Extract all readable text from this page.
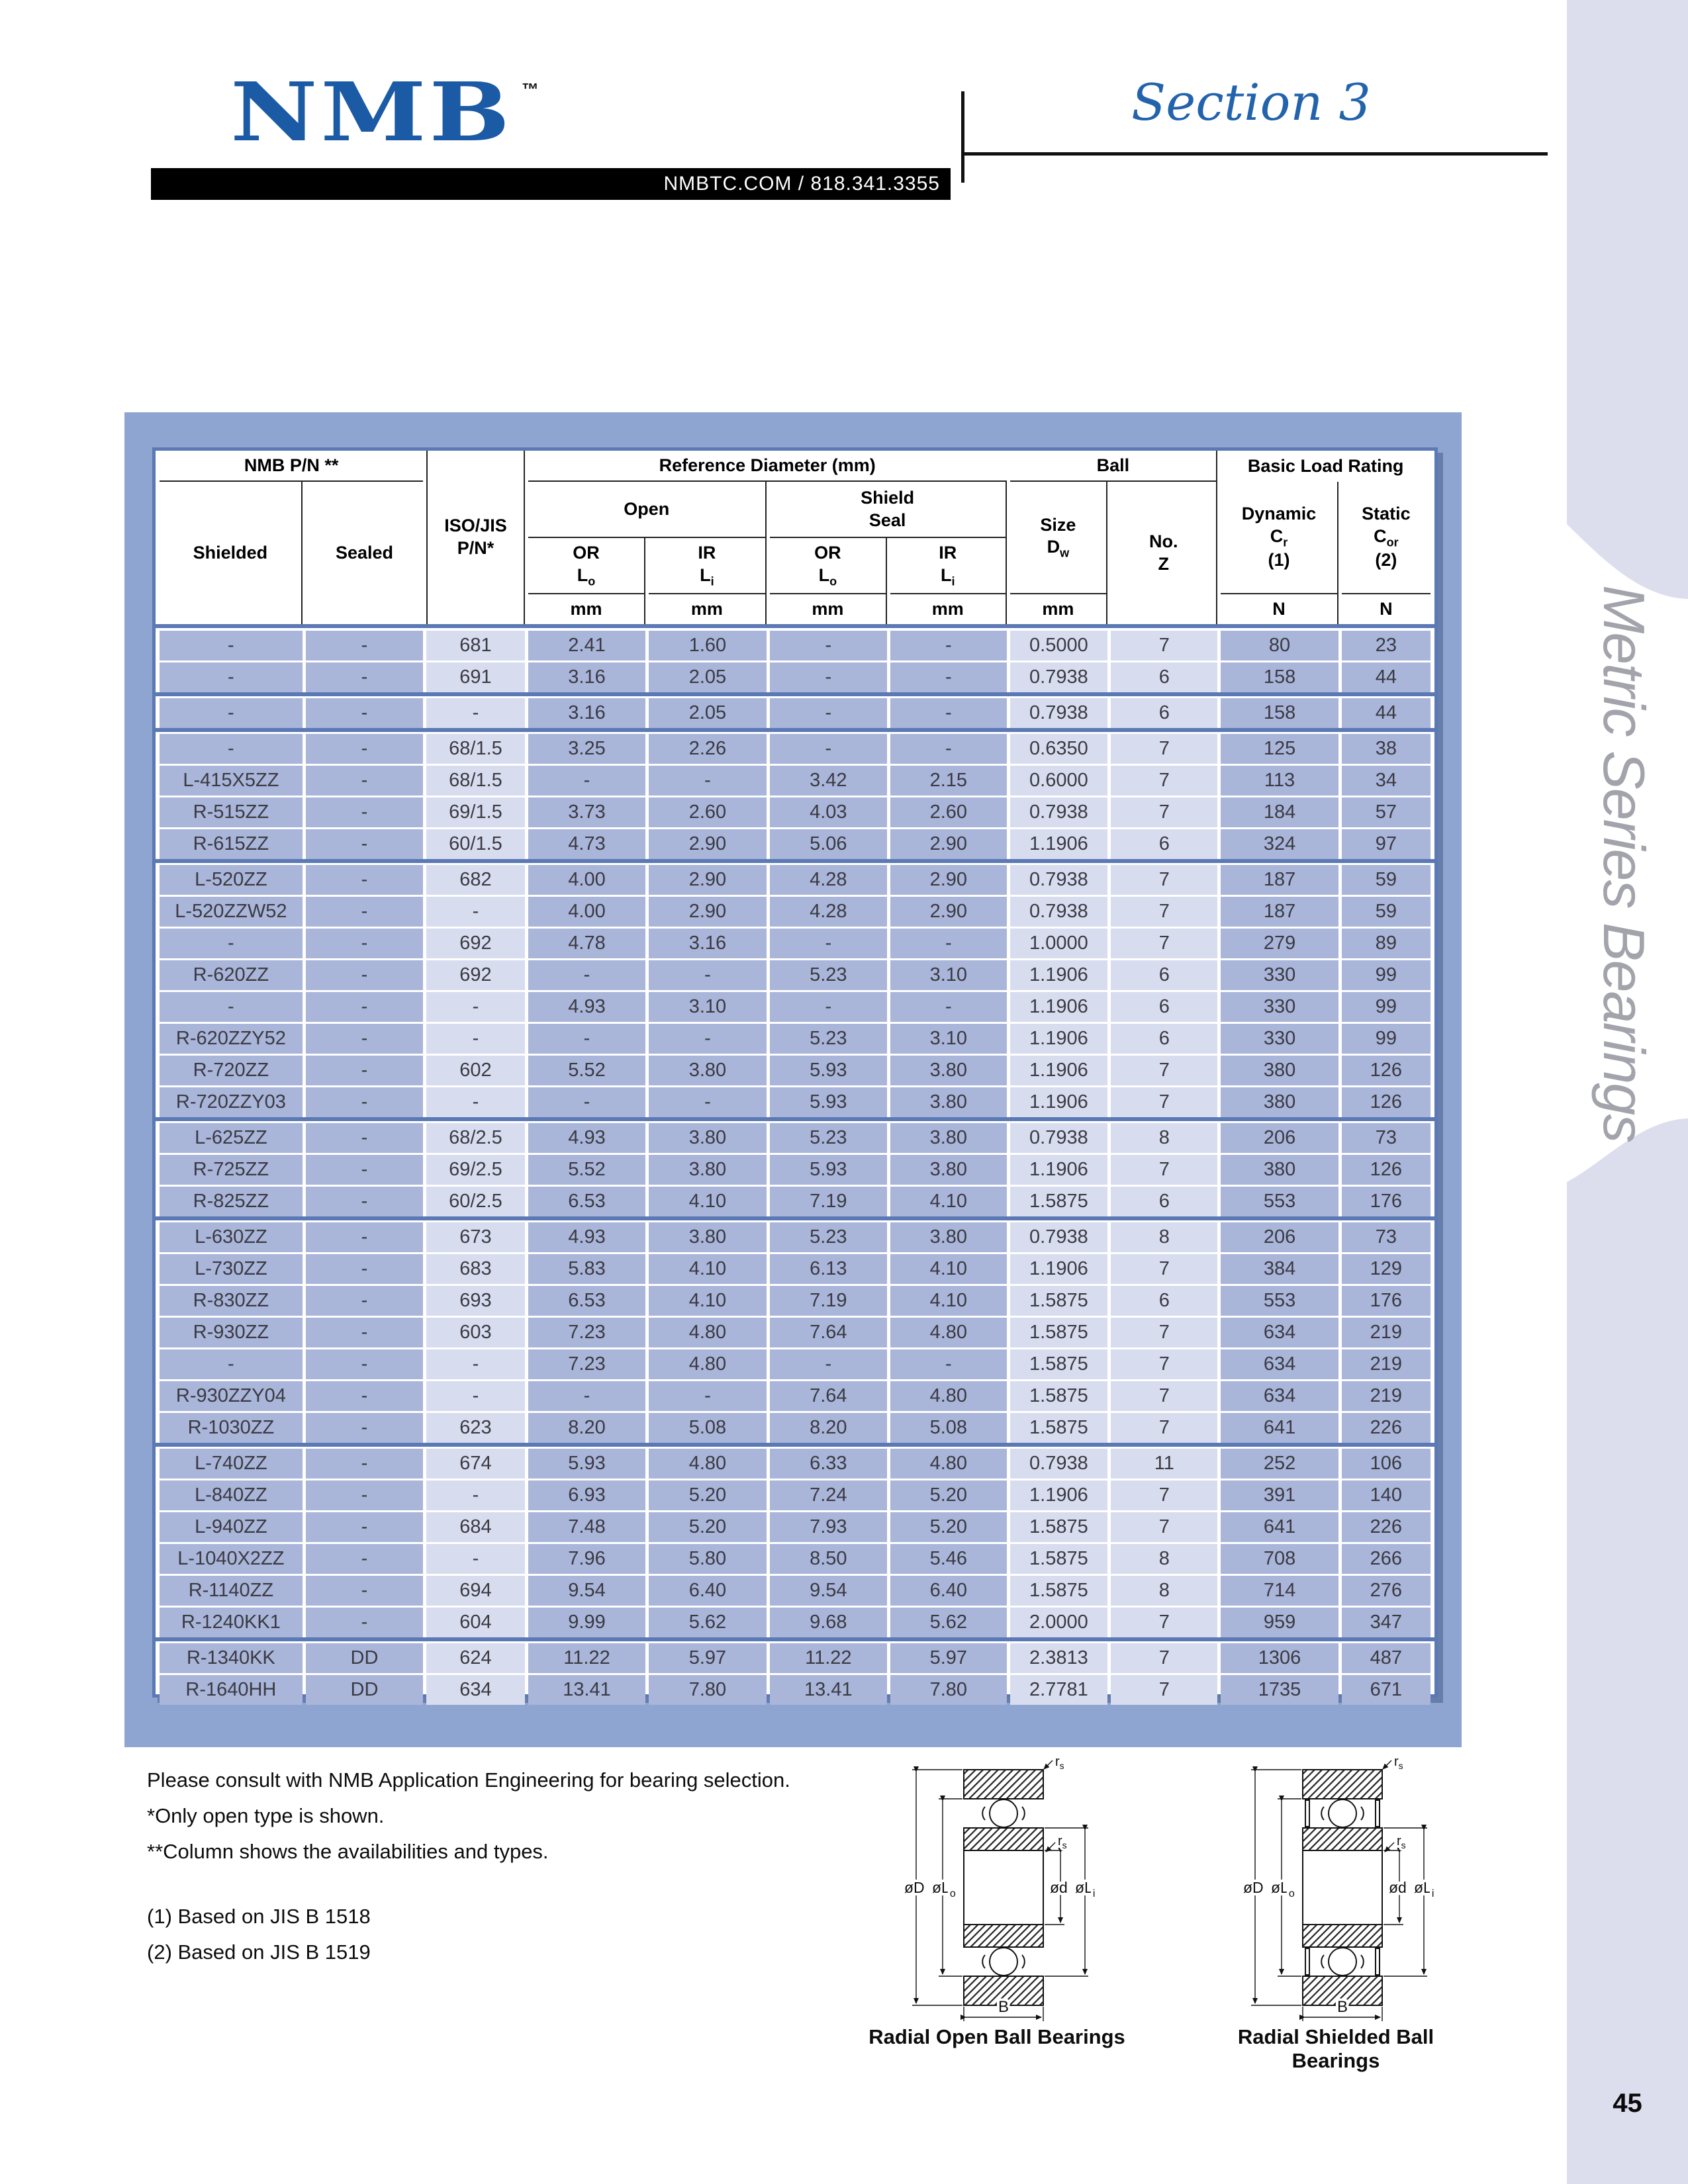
Metric Series Bearings
45
NMB ™
NMBTC.COM / 818.341.3355
Section 3
NMB P/N **
ISO/JIS
P/N*
Reference Diameter (mm)	Ball	Basic Load Rating
Shielded	Sealed
Open
Shield
Seal	Size
$D_w$
No.
Z
Dynamic
$C_r$
(1)
Static
$C_{or}$
(2)
OR
$L_o$
IR
$L_i$
OR
$L_o$
IR
$L_i$
mm	mm	mm	mm	mm	N	N
-	-	681	2.41	1.60	-	-	0.5000	7	80	23
-	-	691	3.16	2.05	-	-	0.7938	6	158	44
-	-	-	3.16	2.05	-	-	0.7938	6	158	44
-	-	68/1.5	3.25	2.26	-	-	0.6350	7	125	38
L-415X5ZZ	-	68/1.5	-	-	3.42	2.15	0.6000	7	113	34
R-515ZZ	-	69/1.5	3.73	2.60	4.03	2.60	0.7938	7	184	57
R-615ZZ	-	60/1.5	4.73	2.90	5.06	2.90	1.1906	6	324	97
L-520ZZ	-	682	4.00	2.90	4.28	2.90	0.7938	7	187	59
L-520ZZW52	-	-	4.00	2.90	4.28	2.90	0.7938	7	187	59
-	-	692	4.78	3.16	-	-	1.0000	7	279	89
R-620ZZ	-	692	-	-	5.23	3.10	1.1906	6	330	99
-	-	-	4.93	3.10	-	-	1.1906	6	330	99
R-620ZZY52	-	-	-	-	5.23	3.10	1.1906	6	330	99
R-720ZZ	-	602	5.52	3.80	5.93	3.80	1.1906	7	380	126
R-720ZZY03	-	-	-	-	5.93	3.80	1.1906	7	380	126
L-625ZZ	-	68/2.5	4.93	3.80	5.23	3.80	0.7938	8	206	73
R-725ZZ	-	69/2.5	5.52	3.80	5.93	3.80	1.1906	7	380	126
R-825ZZ	-	60/2.5	6.53	4.10	7.19	4.10	1.5875	6	553	176
L-630ZZ	-	673	4.93	3.80	5.23	3.80	0.7938	8	206	73
L-730ZZ	-	683	5.83	4.10	6.13	4.10	1.1906	7	384	129
R-830ZZ	-	693	6.53	4.10	7.19	4.10	1.5875	6	553	176
R-930ZZ	-	603	7.23	4.80	7.64	4.80	1.5875	7	634	219
-	-	-	7.23	4.80	-	-	1.5875	7	634	219
R-930ZZY04	-	-	-	-	7.64	4.80	1.5875	7	634	219
R-1030ZZ	-	623	8.20	5.08	8.20	5.08	1.5875	7	641	226
L-740ZZ	-	674	5.93	4.80	6.33	4.80	0.7938	11	252	106
L-840ZZ	-	-	6.93	5.20	7.24	5.20	1.1906	7	391	140
L-940ZZ	-	684	7.48	5.20	7.93	5.20	1.5875	7	641	226
L-1040X2ZZ	-	-	7.96	5.80	8.50	5.46	1.5875	8	708	266
R-1140ZZ	-	694	9.54	6.40	9.54	6.40	1.5875	8	714	276
R-1240KK1	-	604	9.99	5.62	9.68	5.62	2.0000	7	959	347
R-1340KK	DD	624	11.22	5.97	11.22	5.97	2.3813	7	1306	487
R-1640HH	DD	634	13.41	7.80	13.41	7.80	2.7781	7	1735	671
Please consult with NMB Application Engineering for bearing selection.
*Only open type is shown.
**Column shows the availabilities and types.
(1) Based on JIS B 1518
(2) Based on JIS B 1519
øD $øL_o$	ød $øL_i$
$r_s$
$r_s$
B
øD $øL_o$	ød $øL_i$
$r_s$
$r_s$
B
Radial Open Ball Bearings	Radial Shielded Ball Bearings
